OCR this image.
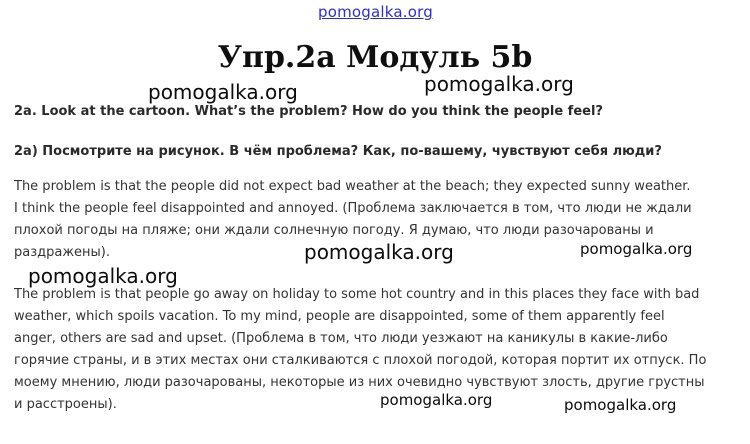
pomogalka.org
Упр.2а Модуль 5b
2a. Look at the cartoon. What’s the problem? How do you think the people feel?
2а) Посмотрите на рисунок. В чём проблема? Как, по-вашему, чувствуют себя люди?
The problem is that the people did not expect bad weather at the beach; they expected sunny weather.
I think the people feel disappointed and annoyed. (Проблема заключается в том, что люди не ждали
плохой погоды на пляже; они ждали солнечную погоду. Я думаю, что люди разочарованы и
раздражены).
The problem is that people go away on holiday to some hot country and in this places they face with bad
weather, which spoils vacation. To my mind, people are disappointed, some of them apparently feel
anger, others are sad and upset. (Проблема в том, что люди уезжают на каникулы в какие-либо
горячие страны, и в этих местах они сталкиваются с плохой погодой, которая портит их отпуск. По
моему мнению, люди разочарованы, некоторые из них очевидно чувствуют злость, другие грустны
и расстроены).
pomogalka.org	pomogalka.org
pomogalka.org	pomogalka.org
pomogalka.org
pomogalka.org	pomogalka.org
